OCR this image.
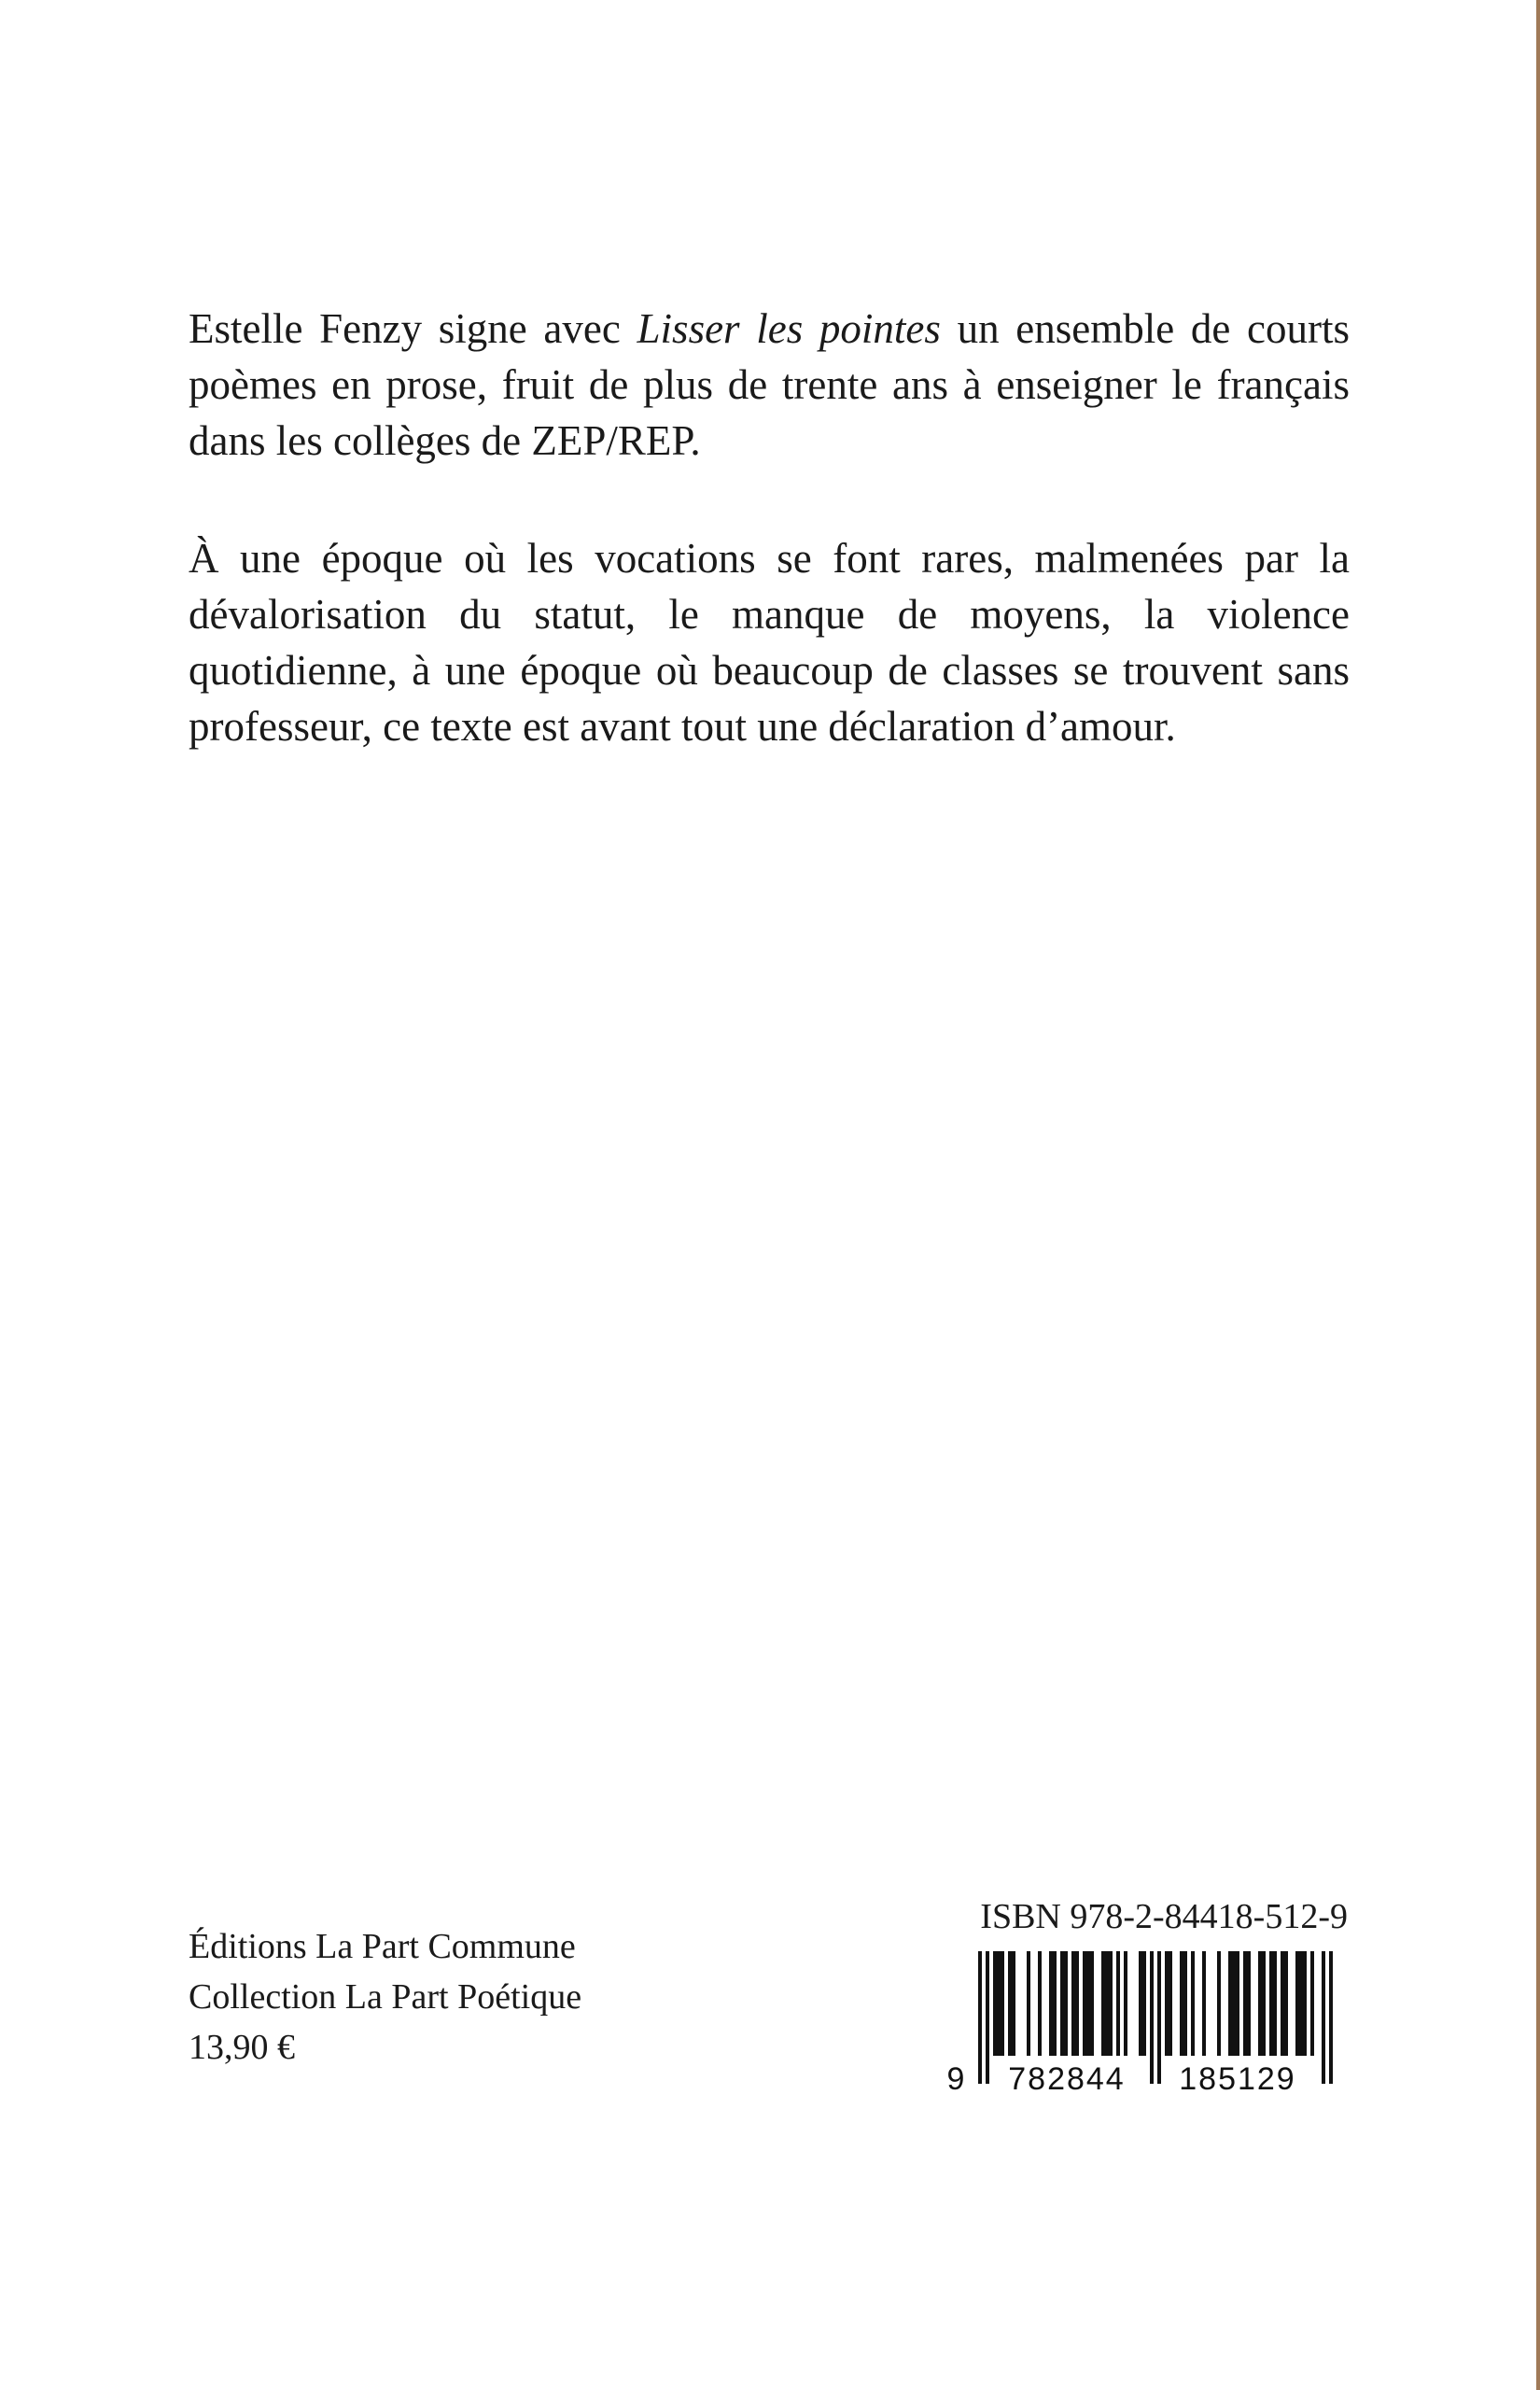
Estelle Fenzy signe avec Lisser les pointes un ensemble de courts poèmes en prose, fruit de plus de trente ans à enseigner le français dans les collèges de ZEP/REP.

À une époque où les vocations se font rares, malmenées par la dévalorisation du statut, le manque de moyens, la violence quotidienne, à une époque où beaucoup de classes se trouvent sans professeur, ce texte est avant tout une déclaration d’amour.

Éditions La Part Commune
Collection La Part Poétique
13,90 €
ISBN 978-2-84418-512-9
9 782844 185129
